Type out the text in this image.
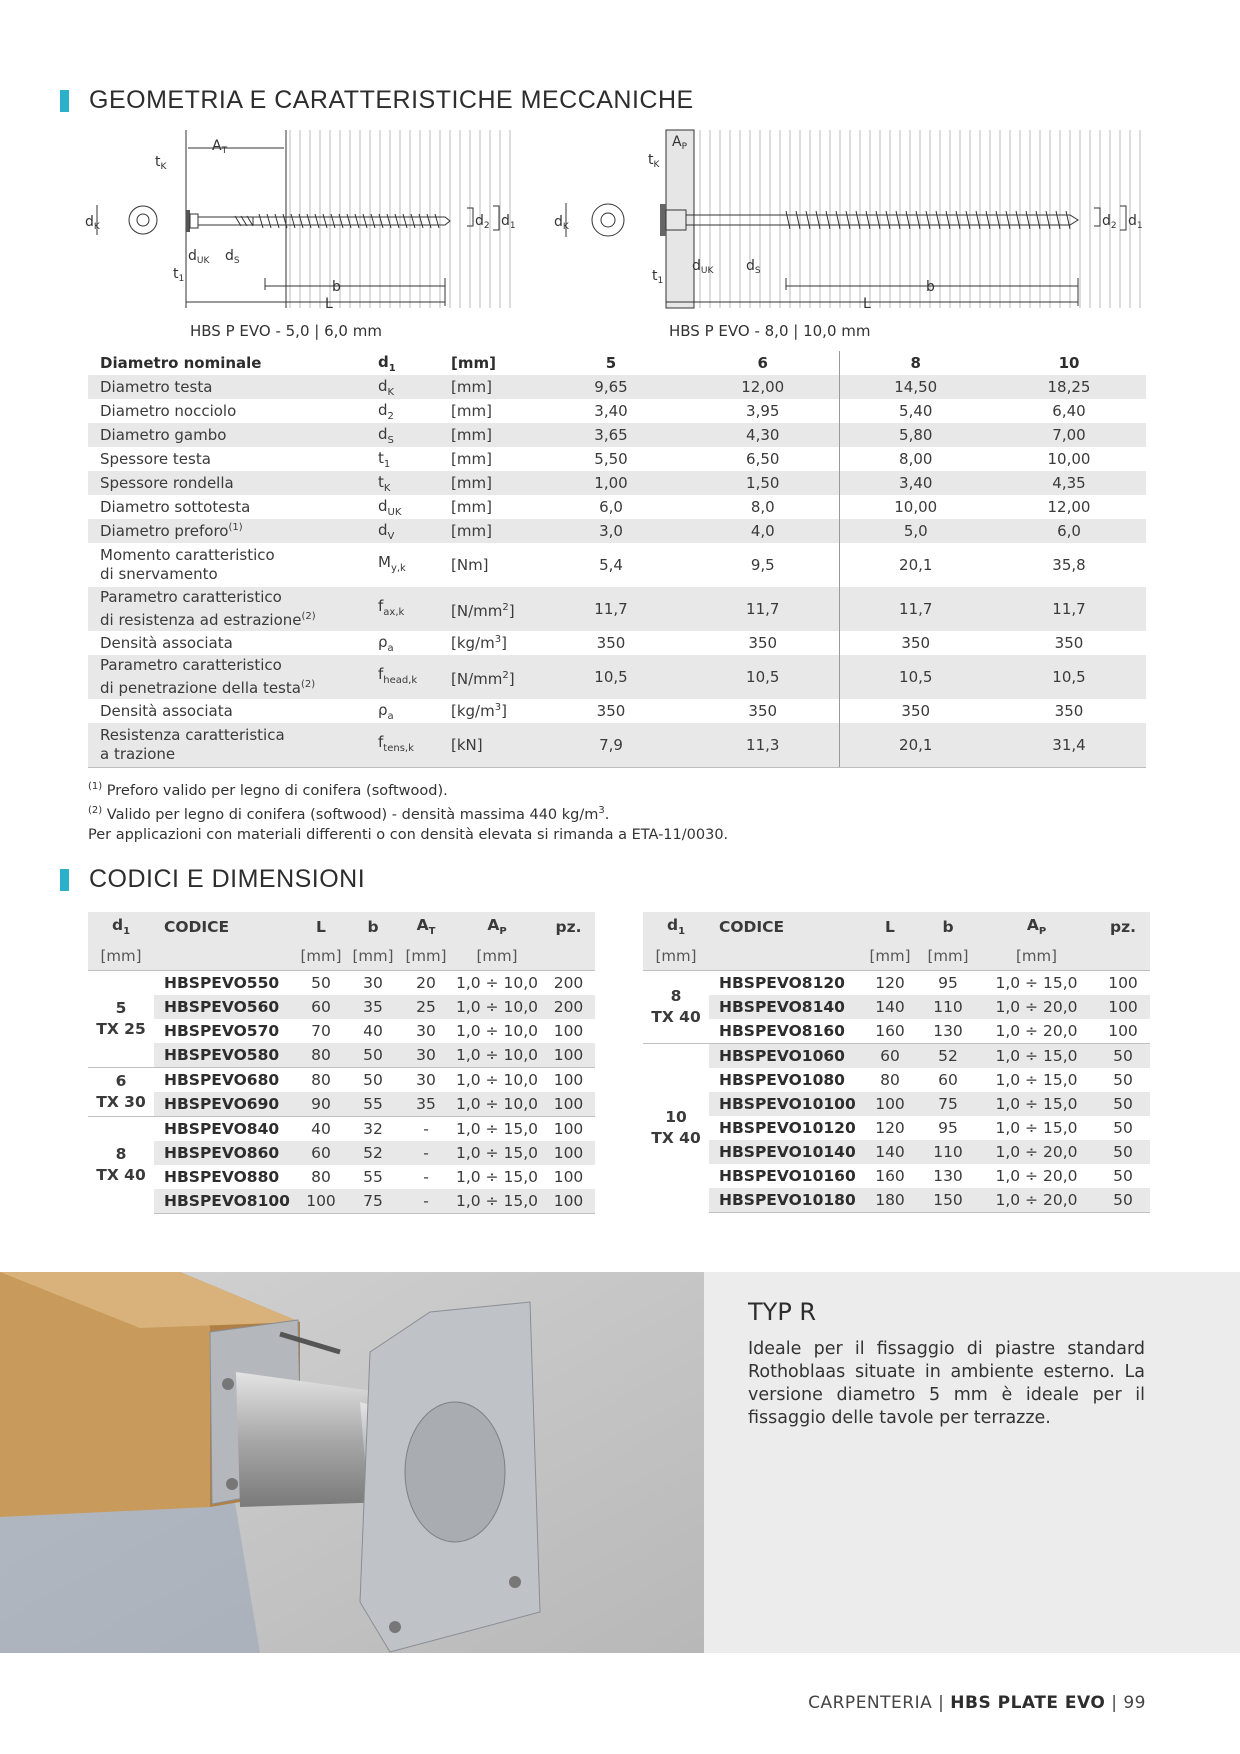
GEOMETRIA E CARATTERISTICHE MECCANICHE
$d_K$
$A_T$
$t_K$
$d_{UK}$ $d_S$
$t_1$	b
L
$d_2$ $d_1$
HBS P EVO - 5,0 | 6,0 mm
$d_K$
$A_P$
$t_K$
$d_{UK}$ $d_S$
$t_1$	b
L
$d_2$ $d_1$
HBS P EVO - 8,0 | 10,0 mm
Diametro nominale	$d_1$	[mm]	5	6	8	10

Diametro testa	$d_K$	[mm]	9,65	12,00	14,50	18,25

Diametro nocciolo	$d_2$	[mm]	3,40	3,95	5,40	6,40

Diametro gambo	$d_S$	[mm]	3,65	4,30	5,80	7,00

Spessore testa	$t_1$	[mm]	5,50	6,50	8,00	10,00

Spessore rondella	$t_K$	[mm]	1,00	1,50	3,40	4,35

Diametro sottotesta	$d_{UK}$	[mm]	6,0	8,0	10,00	12,00

Diametro preforo$^{(1)}$	$d_V$	[mm]	3,0	4,0	5,0	6,0

Momento caratteristico
di snervamento	$M_{y,k}$	[Nm]	5,4	9,5	20,1	35,8

Parametro caratteristico
di resistenza ad estrazione$^{(2)}$	$f_{ax,k}$	$[N/mm^2]$	11,7	11,7	11,7	11,7

Densità associata	$\rho_a$	$[kg/m^3]$	350	350	350	350

Parametro caratteristico
di penetrazione della testa$^{(2)}$	$f_{head,k}$	$[N/mm^2]$	10,5	10,5	10,5	10,5

Densità associata	$\rho_a$	$[kg/m^3]$	350	350	350	350

Resistenza caratteristica
a trazione	$f_{tens,k}$	[kN]	7,9	11,3	20,1	31,4
$^{(1)}$ Preforo valido per legno di conifera (softwood).
$^{(2)}$ Valido per legno di conifera (softwood) - densità massima 440 $kg/m^3$.
Per applicazioni con materiali differenti o con densità elevata si rimanda a ETA-11/0030.
CODICI E DIMENSIONI
$d_1$	CODICE	L	b	$A_T$	$A_P$	pz.
[mm]		[mm]	[mm]	[mm]	[mm]	

5
TX 25	HBSPEVO550	50	30	20	1,0 ÷ 10,0	200
	HBSPEVO560	60	35	25	1,0 ÷ 10,0	200
	HBSPEVO570	70	40	30	1,0 ÷ 10,0	100
	HBSPEVO580	80	50	30	1,0 ÷ 10,0	100

6
TX 30	HBSPEVO680	80	50	30	1,0 ÷ 10,0	100
	HBSPEVO690	90	55	35	1,0 ÷ 10,0	100

8
TX 40	HBSPEVO840	40	32	-	1,0 ÷ 15,0	100
	HBSPEVO860	60	52	-	1,0 ÷ 15,0	100
	HBSPEVO880	80	55	-	1,0 ÷ 15,0	100
	HBSPEVO8100	100	75	-	1,0 ÷ 15,0	100
$d_1$	CODICE	L	b	$A_P$	pz.
[mm]		[mm]	[mm]	[mm]	

8
TX 40	HBSPEVO8120	120	95	1,0 ÷ 15,0	100
	HBSPEVO8140	140	110	1,0 ÷ 20,0	100
	HBSPEVO8160	160	130	1,0 ÷ 20,0	100

10
TX 40	HBSPEVO1060	60	52	1,0 ÷ 15,0	50
	HBSPEVO1080	80	60	1,0 ÷ 15,0	50
	HBSPEVO10100	100	75	1,0 ÷ 15,0	50
	HBSPEVO10120	120	95	1,0 ÷ 15,0	50
	HBSPEVO10140	140	110	1,0 ÷ 20,0	50
	HBSPEVO10160	160	130	1,0 ÷ 20,0	50
	HBSPEVO10180	180	150	1,0 ÷ 20,0	50
TYP R
Ideale per il fissaggio di piastre standard Rothoblaas situate in ambiente esterno. La versione diametro 5 mm è ideale per il fissaggio delle tavole per terrazze.
CARPENTERIA | HBS PLATE EVO | 99
